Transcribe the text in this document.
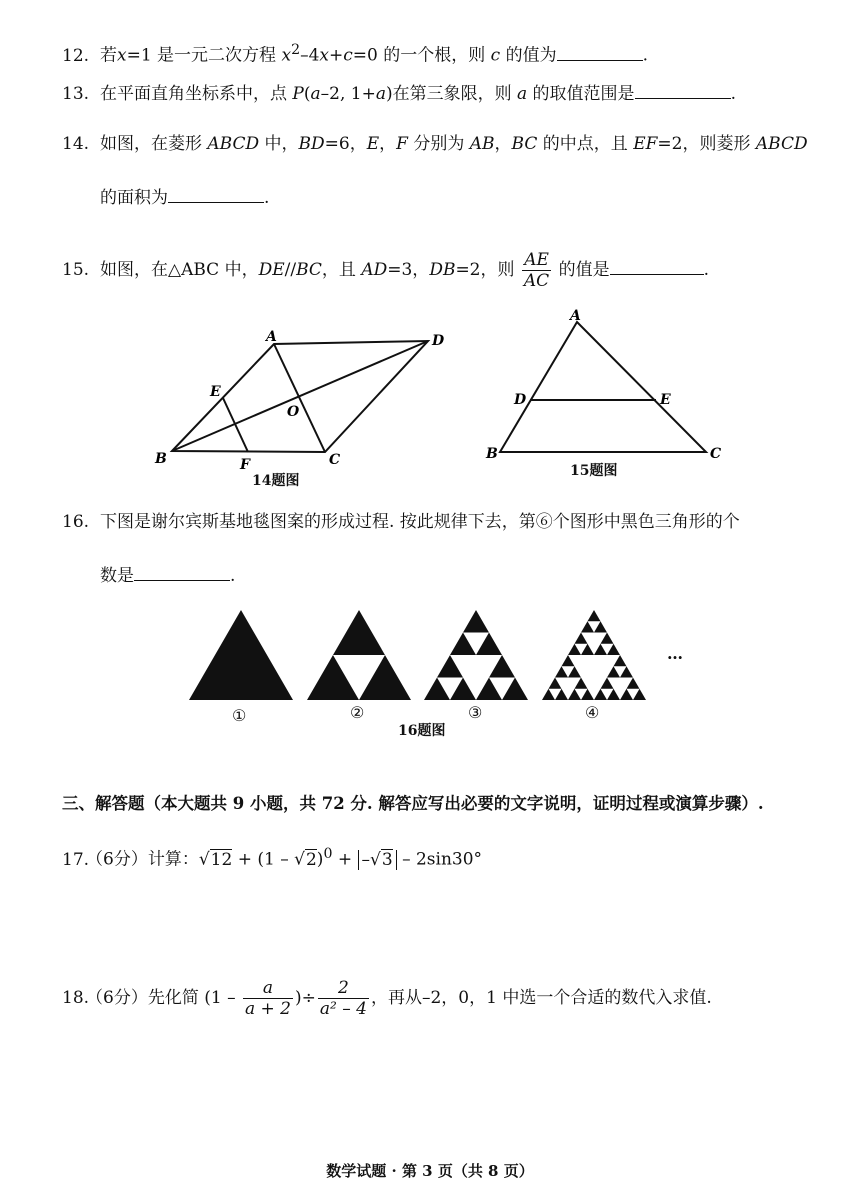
12. 若x=1 是一元二次方程 $x^2-4x+c=0$ 的一个根，则 c 的值为	.
13. 在平面直角坐标系中，点 P(a–2, 1+a)在第三象限，则 a 的取值范围是	.
14. 如图，在菱形 ABCD 中，BD=6，E，F 分别为 AB，BC 的中点，且 EF=2，则菱形 ABCD
的面积为	.
15. 如图，在△ABC 中，DE//BC，且 AD=3，DB=2，则 $\frac{AE}{AC}$ 的值是	.
A	D
E
O
B	F	C
14题图
A
D	E
B	C
15题图
16. 下图是谢尔宾斯基地毯图案的形成过程. 按此规律下去，第⑥个图形中黑色三角形的个
数是	.
①	②	③	④
…
16题图
三、解答题（本大题共 9 小题，共 72 分. 解答应写出必要的文字说明，证明过程或演算步骤）.
17.（6分）计算：√12 + (1 – √2)$^0$ + –√3 – 2sin30°
18.（6分）先化简 ($1 - \frac{a}{a + 2}$ )÷ $\frac{2}{\text{a² – 4}}$ ，再从–2，0，1 中选一个合适的数代入求值.
数学试题 · 第 3 页（共 8 页）
